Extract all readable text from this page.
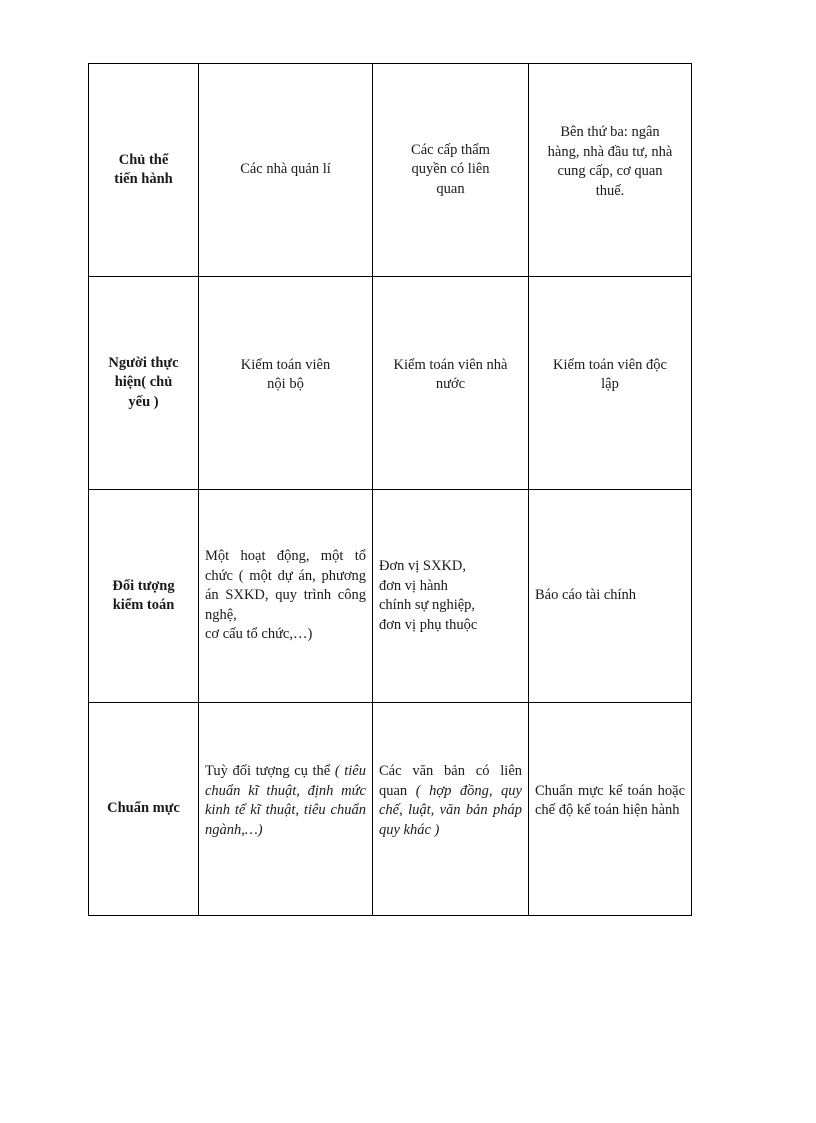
Chủ thể
tiến hành	Các nhà quản lí	Các cấp thẩm
quyền có liên
quan	Bên thứ ba: ngân
hàng, nhà đầu tư, nhà
cung cấp, cơ quan
thuế.

Người thực
hiện( chủ
yếu )	Kiểm toán viên
nội bộ	Kiểm toán viên nhà
nước	Kiểm toán viên độc
lập

Đối tượng
kiểm toán	Một hoạt động, một tổ chức ( một dự án, phương án SXKD, quy trình công nghệ,
cơ cấu tổ chức,…)	Đơn vị SXKD,
đơn vị hành
chính sự nghiệp,
đơn vị phụ thuộc	Báo cáo tài chính

Chuẩn mực	Tuỳ đối tượng cụ thể ( tiêu chuẩn kĩ thuật, định mức kinh tế kĩ thuật, tiêu chuẩn ngành,…)	Các văn bản có liên quan ( hợp đồng, quy chế, luật, văn bản pháp quy khác )	Chuẩn mực kế toán hoặc chế độ kế toán hiện hành
